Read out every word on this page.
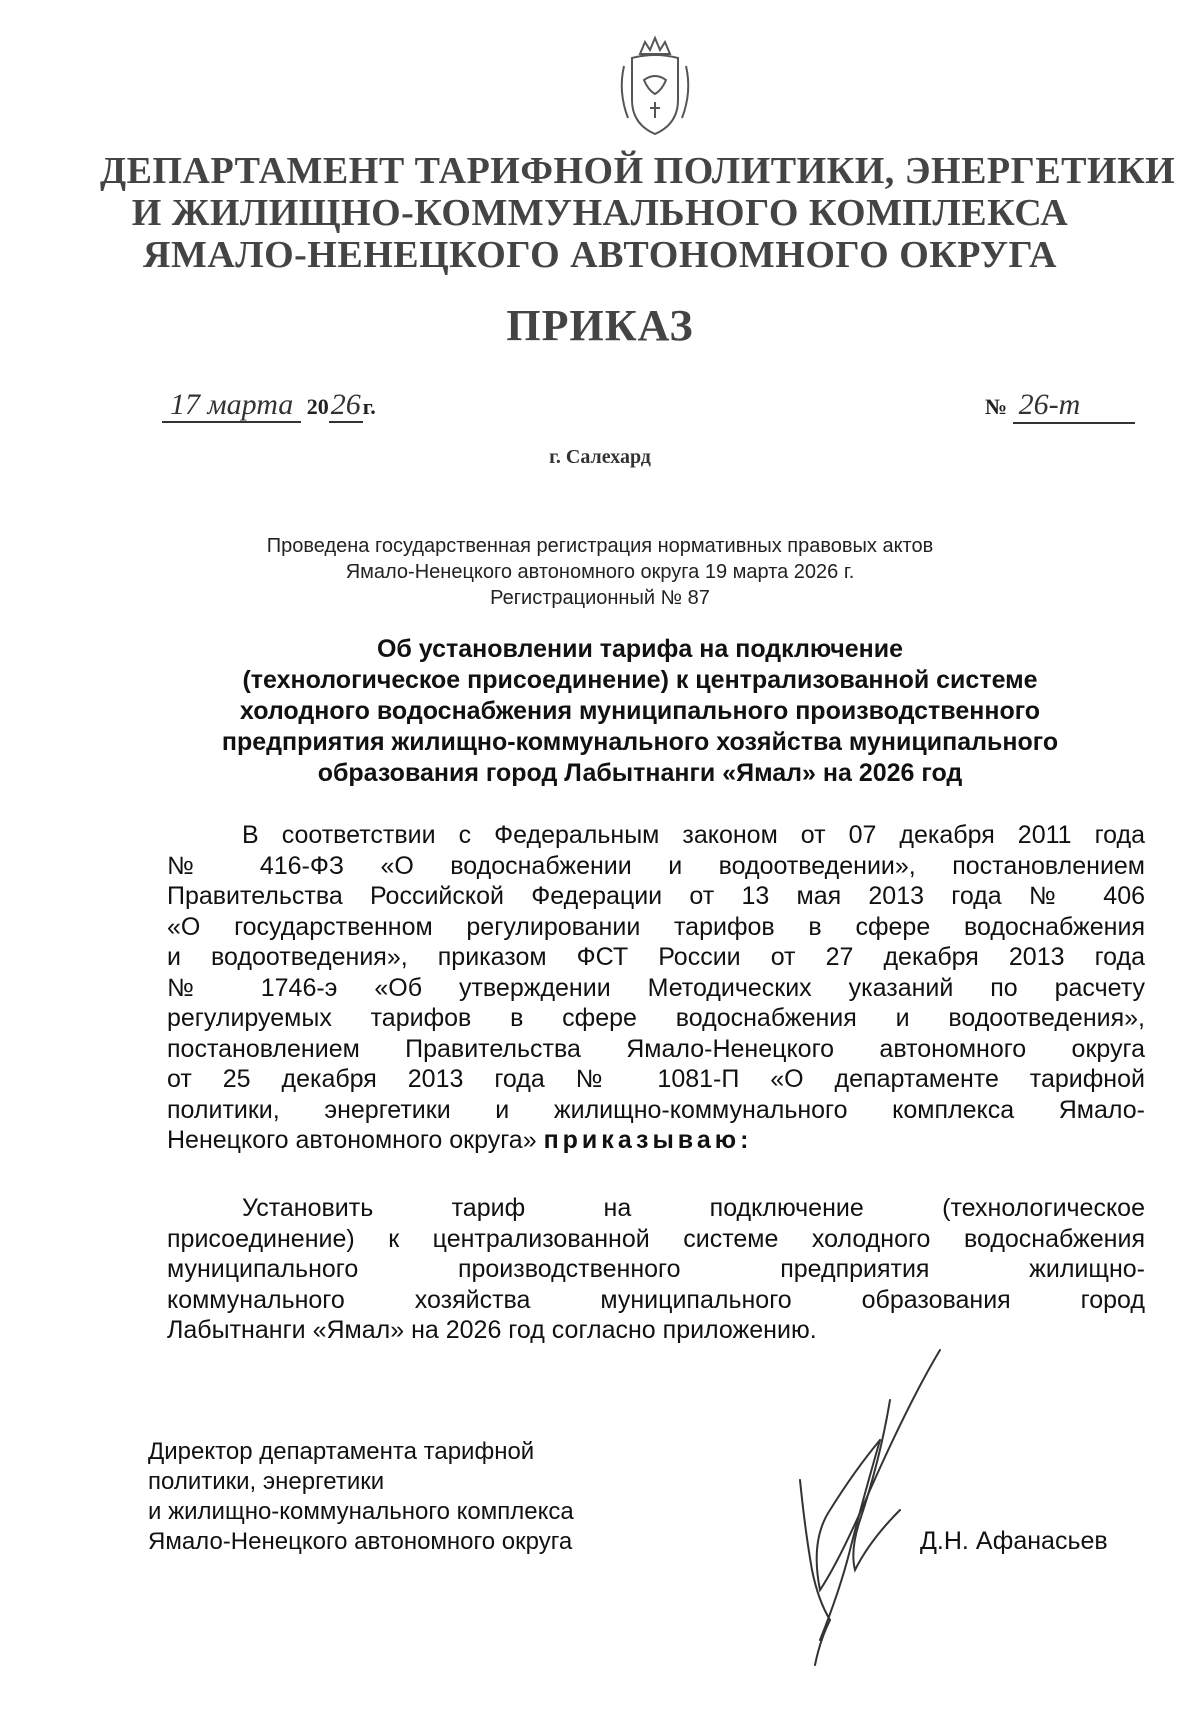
ДЕПАРТАМЕНТ ТАРИФНОЙ ПОЛИТИКИ, ЭНЕРГЕТИКИ
И ЖИЛИЩНО-КОММУНАЛЬНОГО КОМПЛЕКСА
ЯМАЛО-НЕНЕЦКОГО АВТОНОМНОГО ОКРУГА
ПРИКАЗ
17 марта 2026г.	№ 26-т
г. Салехард
Проведена государственная регистрация нормативных правовых актов
Ямало-Ненецкого автономного округа 19 марта 2026 г.
Регистрационный № 87
Об установлении тарифа на подключение
(технологическое присоединение) к централизованной системе
холодного водоснабжения муниципального производственного
предприятия жилищно-коммунального хозяйства муниципального
образования город Лабытнанги «Ямал» на 2026 год
В соответствии с Федеральным законом от 07 декабря 2011 года
№ 416-ФЗ «О водоснабжении и водоотведении», постановлением
Правительства Российской Федерации от 13 мая 2013 года № 406
«О государственном регулировании тарифов в сфере водоснабжения
и водоотведения», приказом ФСТ России от 27 декабря 2013 года
№ 1746-э «Об утверждении Методических указаний по расчету
регулируемых тарифов в сфере водоснабжения и водоотведения»,
постановлением Правительства Ямало-Ненецкого автономного округа
от 25 декабря 2013 года № 1081-П «О департаменте тарифной
политики, энергетики и жилищно-коммунального комплекса Ямало-
Ненецкого автономного округа» приказываю:
Установить тариф на подключение (технологическое
присоединение) к централизованной системе холодного водоснабжения
муниципального производственного предприятия жилищно-
коммунального хозяйства муниципального образования город
Лабытнанги «Ямал» на 2026 год согласно приложению.
Директор департамента тарифной
политики, энергетики
и жилищно-коммунального комплекса
Ямало-Ненецкого автономного округа	Д.Н. Афанасьев
